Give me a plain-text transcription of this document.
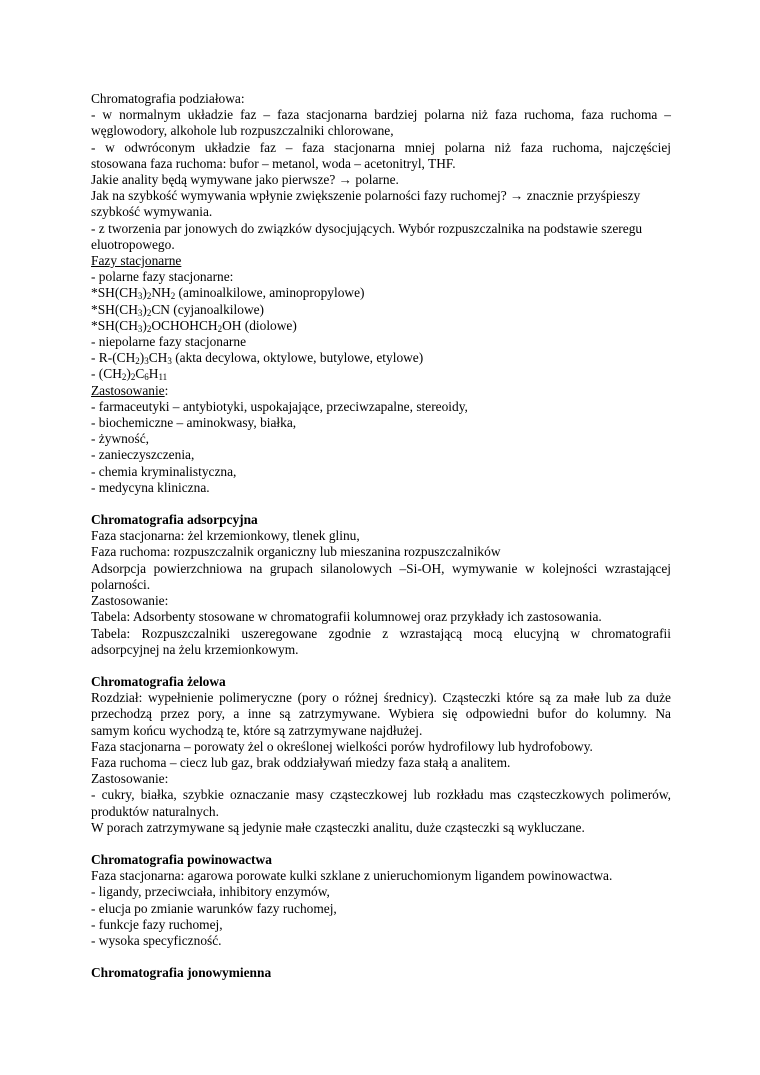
Chromatografia podziałowa:
- w normalnym układzie faz – faza stacjonarna bardziej polarna niż faza ruchoma, faza ruchoma –
węglowodory, alkohole lub rozpuszczalniki chlorowane,
- w odwróconym układzie faz – faza stacjonarna mniej polarna niż faza ruchoma, najczęściej
stosowana faza ruchoma: bufor – metanol, woda – acetonitryl, THF.
Jakie anality będą wymywane jako pierwsze? → polarne.
Jak na szybkość wymywania wpłynie zwiększenie polarności fazy ruchomej? → znacznie przyśpieszy
szybkość wymywania.
- z tworzenia par jonowych do związków dysocjujących. Wybór rozpuszczalnika na podstawie szeregu
eluotropowego.
Fazy stacjonarne
- polarne fazy stacjonarne:
$*SH(CH_3)_2NH_2$ (aminoalkilowe, aminopropylowe)
$*SH(CH_3)_2CN$ (cyjanoalkilowe)
$*SH(CH_3)_2OCHOHCH_2OH$ (diolowe)
- niepolarne fazy stacjonarne
- $R-(CH_2)_3CH_3$ (akta decylowa, oktylowe, butylowe, etylowe)
- $(CH_2)_2C_6H_{11}$
Zastosowanie:
- farmaceutyki – antybiotyki, uspokajające, przeciwzapalne, stereoidy,
- biochemiczne – aminokwasy, białka,
- żywność,
- zanieczyszczenia,
- chemia kryminalistyczna,
- medycyna kliniczna.
Chromatografia adsorpcyjna
Faza stacjonarna: żel krzemionkowy, tlenek glinu,
Faza ruchoma: rozpuszczalnik organiczny lub mieszanina rozpuszczalników
Adsorpcja powierzchniowa na grupach silanolowych –Si-OH, wymywanie w kolejności wzrastającej
polarności.
Zastosowanie:
Tabela: Adsorbenty stosowane w chromatografii kolumnowej oraz przykłady ich zastosowania.
Tabela: Rozpuszczalniki uszeregowane zgodnie z wzrastającą mocą elucyjną w chromatografii
adsorpcyjnej na żelu krzemionkowym.
Chromatografia żelowa
Rozdział: wypełnienie polimeryczne (pory o różnej średnicy). Cząsteczki które są za małe lub za duże
przechodzą przez pory, a inne są zatrzymywane. Wybiera się odpowiedni bufor do kolumny. Na
samym końcu wychodzą te, które są zatrzymywane najdłużej.
Faza stacjonarna – porowaty żel o określonej wielkości porów hydrofilowy lub hydrofobowy.
Faza ruchoma – ciecz lub gaz, brak oddziaływań miedzy faza stałą a analitem.
Zastosowanie:
- cukry, białka, szybkie oznaczanie masy cząsteczkowej lub rozkładu mas cząsteczkowych polimerów,
produktów naturalnych.
W porach zatrzymywane są jedynie małe cząsteczki analitu, duże cząsteczki są wykluczane.
Chromatografia powinowactwa
Faza stacjonarna: agarowa porowate kulki szklane z unieruchomionym ligandem powinowactwa.
- ligandy, przeciwciała, inhibitory enzymów,
- elucja po zmianie warunków fazy ruchomej,
- funkcje fazy ruchomej,
- wysoka specyficzność.
Chromatografia jonowymienna
